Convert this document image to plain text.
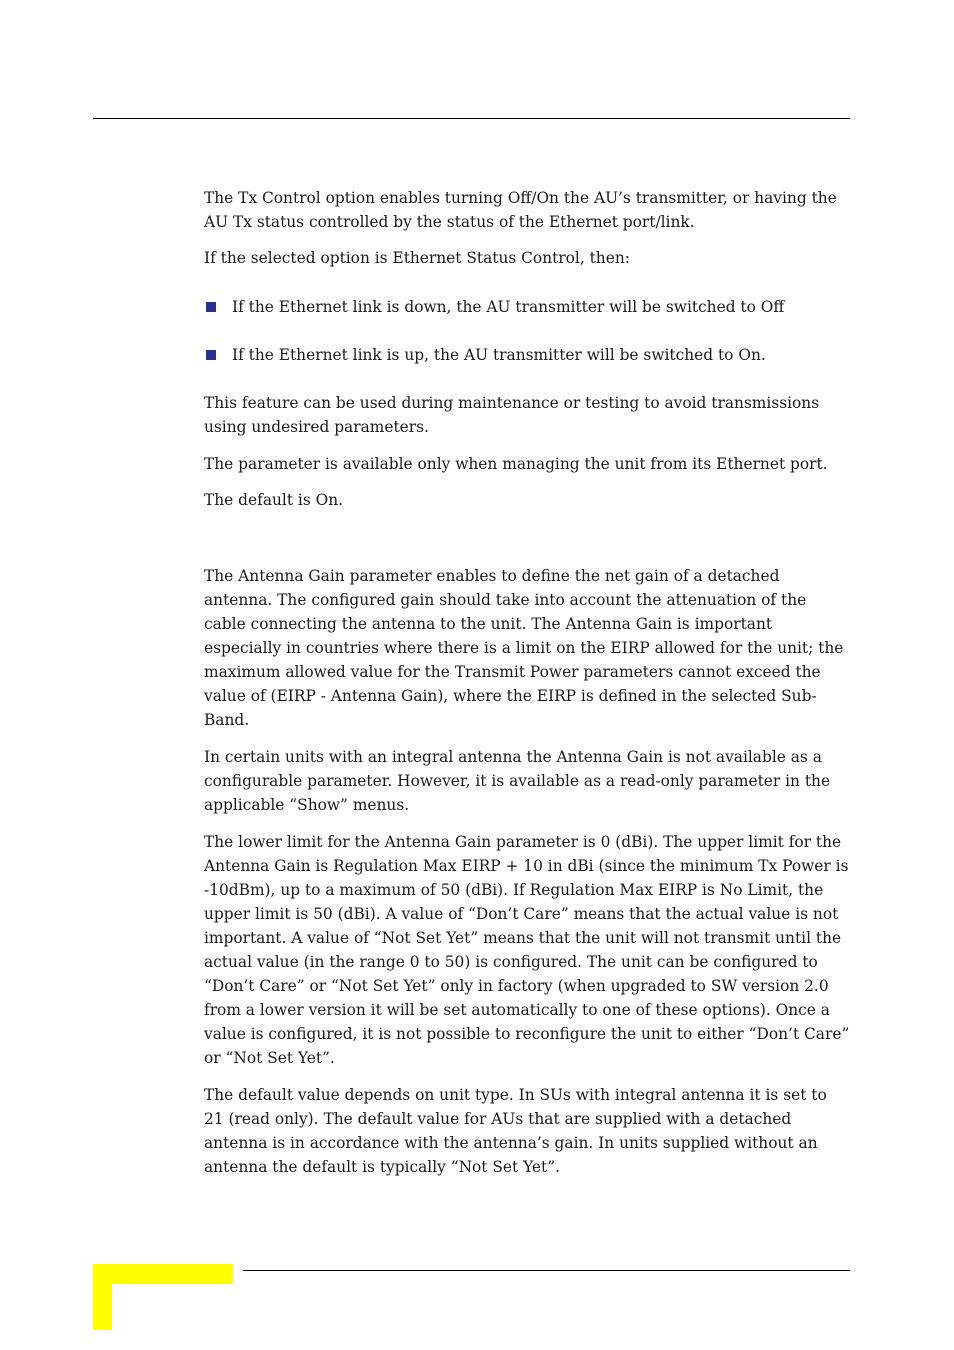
The Tx Control option enables turning Off/On the AU’s transmitter, or having the AU Tx status controlled by the status of the Ethernet port/link.

If the selected option is Ethernet Status Control, then:

If the Ethernet link is down, the AU transmitter will be switched to Off

If the Ethernet link is up, the AU transmitter will be switched to On.

This feature can be used during maintenance or testing to avoid transmissions using undesired parameters.

The parameter is available only when managing the unit from its Ethernet port.

The default is On.

The Antenna Gain parameter enables to define the net gain of a detached antenna. The configured gain should take into account the attenuation of the cable connecting the antenna to the unit. The Antenna Gain is important especially in countries where there is a limit on the EIRP allowed for the unit; the maximum allowed value for the Transmit Power parameters cannot exceed the value of (EIRP - Antenna Gain), where the EIRP is defined in the selected Sub-Band.

In certain units with an integral antenna the Antenna Gain is not available as a configurable parameter. However, it is available as a read-only parameter in the applicable “Show” menus.

The lower limit for the Antenna Gain parameter is 0 (dBi). The upper limit for the Antenna Gain is Regulation Max EIRP + 10 in dBi (since the minimum Tx Power is -10dBm), up to a maximum of 50 (dBi). If Regulation Max EIRP is No Limit, the upper limit is 50 (dBi). A value of “Don’t Care” means that the actual value is not important. A value of “Not Set Yet” means that the unit will not transmit until the actual value (in the range 0 to 50) is configured. The unit can be configured to “Don’t Care” or “Not Set Yet” only in factory (when upgraded to SW version 2.0 from a lower version it will be set automatically to one of these options). Once a value is configured, it is not possible to reconfigure the unit to either “Don’t Care” or “Not Set Yet”.

The default value depends on unit type. In SUs with integral antenna it is set to 21 (read only). The default value for AUs that are supplied with a detached antenna is in accordance with the antenna’s gain. In units supplied without an antenna the default is typically “Not Set Yet”.
